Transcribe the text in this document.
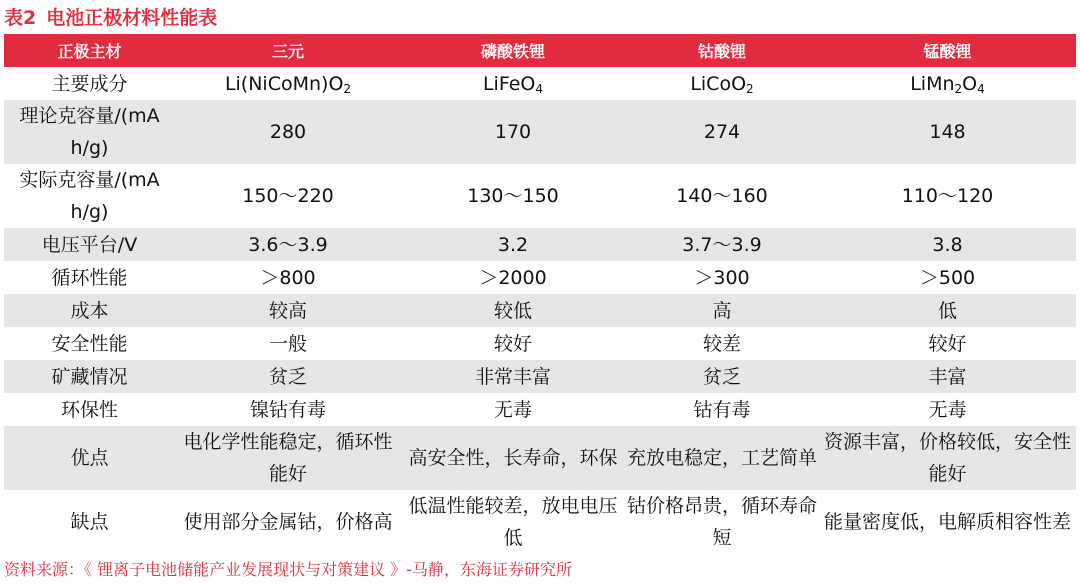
表2 电池正极材料性能表
正极主材	三元	磷酸铁锂	钴酸锂	锰酸锂
主要成分	$Li(NiCoMn)O_2$	LiFeO$_4$	LiCoO$_2$	$LiMn_2O_4$
理论克容量/(mAh/g)	280	170	274	148
实际克容量/(mAh/g)	150～220	130～150	140～160	110～120
电压平台/V	3.6～3.9	3.2	3.7～3.9	3.8
循环性能	＞800	＞2000	＞300	＞500
成本	较高	较低	高	低
安全性能	一般	较好	较差	较好
矿藏情况	贫乏	非常丰富	贫乏	丰富
环保性	镍钴有毒	无毒	钴有毒	无毒
优点	电化学性能稳定，循环性能好	高安全性，长寿命，环保	充放电稳定，工艺简单	资源丰富，价格较低，安全性能好
缺点	使用部分金属钴，价格高	低温性能较差，放电电压低	钴价格昂贵，循环寿命短	能量密度低，电解质相容性差
资料来源：《 锂离子电池储能产业发展现状与对策建议 》-马静，东海证券研究所
